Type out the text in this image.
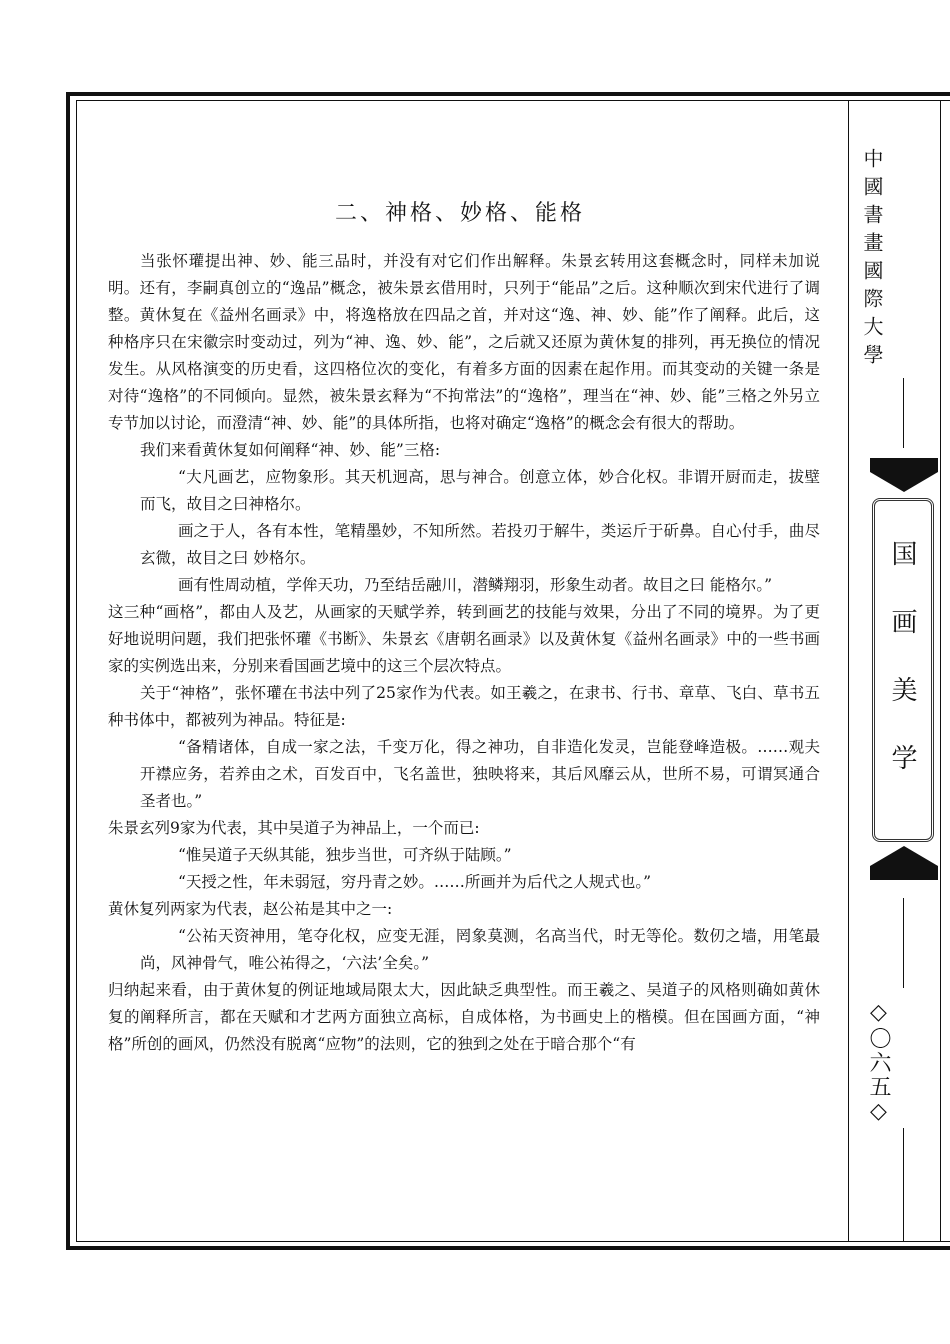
中國書畫國際大學
国画美学
◇〇六五◇
二、神格、妙格、能格

当张怀瓘提出神、妙、能三品时，并没有对它们作出解释。朱景玄转用这套概念时，同样未加说明。还有，李嗣真创立的“逸品”概念，被朱景玄借用时，只列于“能品”之后。这种顺次到宋代进行了调整。黄休复在《益州名画录》中，将逸格放在四品之首，并对这“逸、神、妙、能”作了阐释。此后，这种格序只在宋徽宗时变动过，列为“神、逸、妙、能”，之后就又还原为黄休复的排列，再无换位的情况发生。从风格演变的历史看，这四格位次的变化，有着多方面的因素在起作用。而其变动的关键一条是对待“逸格”的不同倾向。显然，被朱景玄释为“不拘常法”的“逸格”，理当在“神、妙、能”三格之外另立专节加以讨论，而澄清“神、妙、能”的具体所指，也将对确定“逸格”的概念会有很大的帮助。

我们来看黄休复如何阐释“神、妙、能”三格:

“大凡画艺，应物象形。其天机迥高，思与神合。创意立体，妙合化权。非谓开厨而走，拔壁而飞，故目之曰神格尔。

画之于人，各有本性，笔精墨妙，不知所然。若投刃于解牛，类运斤于斫鼻。自心付手，曲尽玄微，故目之曰 妙格尔。

画有性周动植，学侔天功，乃至结岳融川，潜鳞翔羽，形象生动者。故目之曰 能格尔。”

这三种“画格”，都由人及艺，从画家的天赋学养，转到画艺的技能与效果，分出了不同的境界。为了更好地说明问题，我们把张怀瓘《书断》、朱景玄《唐朝名画录》以及黄休复《益州名画录》中的一些书画家的实例选出来，分别来看国画艺境中的这三个层次特点。

关于“神格”，张怀瓘在书法中列了25家作为代表。如王羲之，在隶书、行书、章草、飞白、草书五种书体中，都被列为神品。特征是:

“备精诸体，自成一家之法，千变万化，得之神功，自非造化发灵，岂能登峰造极。……观夫开襟应务，若养由之术，百发百中，飞名盖世，独映将来，其后风靡云从，世所不易，可谓冥通合圣者也。”

朱景玄列9家为代表，其中吴道子为神品上，一个而已:

“惟吴道子天纵其能，独步当世，可齐纵于陆顾。”

“天授之性，年未弱冠，穷丹青之妙。……所画并为后代之人规式也。”

黄休复列两家为代表，赵公祐是其中之一:

“公祐天资神用，笔夺化权，应变无涯，罔象莫测，名高当代，时无等伦。数仞之墙，用笔最尚，风神骨气，唯公祐得之，‘六法’全矣。”

归纳起来看，由于黄休复的例证地域局限太大，因此缺乏典型性。而王羲之、吴道子的风格则确如黄休复的阐释所言，都在天赋和才艺两方面独立高标，自成体格，为书画史上的楷模。但在国画方面，“神格”所创的画风，仍然没有脱离“应物”的法则，它的独到之处在于暗合那个“有
